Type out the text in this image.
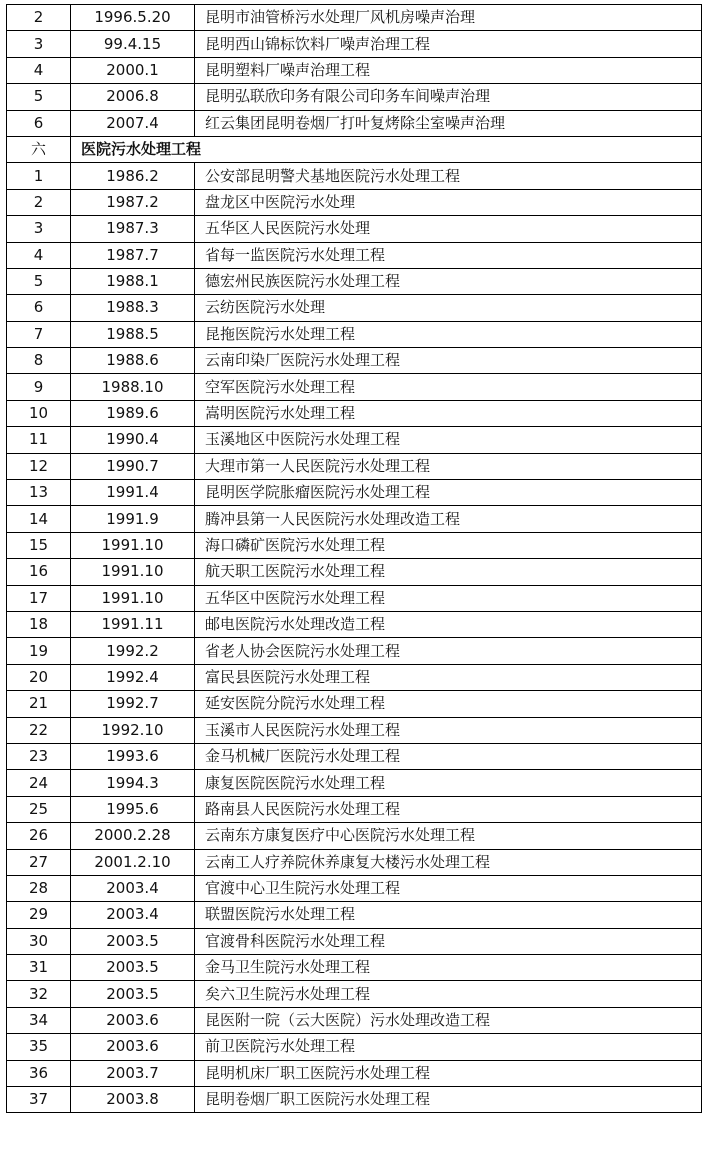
2	1996.5.20	昆明市油管桥污水处理厂风机房噪声治理
3	99.4.15	昆明西山锦标饮料厂噪声治理工程
4	2000.1	昆明塑料厂噪声治理工程
5	2006.8	昆明弘联欣印务有限公司印务车间噪声治理
6	2007.4	红云集团昆明卷烟厂打叶复烤除尘室噪声治理
六	医院污水处理工程	
1	1986.2	公安部昆明警犬基地医院污水处理工程
2	1987.2	盘龙区中医院污水处理
3	1987.3	五华区人民医院污水处理
4	1987.7	省每一监医院污水处理工程
5	1988.1	德宏州民族医院污水处理工程
6	1988.3	云纺医院污水处理
7	1988.5	昆拖医院污水处理工程
8	1988.6	云南印染厂医院污水处理工程
9	1988.10	空军医院污水处理工程
10	1989.6	嵩明医院污水处理工程
11	1990.4	玉溪地区中医院污水处理工程
12	1990.7	大理市第一人民医院污水处理工程
13	1991.4	昆明医学院胀瘤医院污水处理工程
14	1991.9	腾冲县第一人民医院污水处理改造工程
15	1991.10	海口磷矿医院污水处理工程
16	1991.10	航天职工医院污水处理工程
17	1991.10	五华区中医院污水处理工程
18	1991.11	邮电医院污水处理改造工程
19	1992.2	省老人协会医院污水处理工程
20	1992.4	富民县医院污水处理工程
21	1992.7	延安医院分院污水处理工程
22	1992.10	玉溪市人民医院污水处理工程
23	1993.6	金马机械厂医院污水处理工程
24	1994.3	康复医院医院污水处理工程
25	1995.6	路南县人民医院污水处理工程
26	2000.2.28	云南东方康复医疗中心医院污水处理工程
27	2001.2.10	云南工人疗养院休养康复大楼污水处理工程
28	2003.4	官渡中心卫生院污水处理工程
29	2003.4	联盟医院污水处理工程
30	2003.5	官渡骨科医院污水处理工程
31	2003.5	金马卫生院污水处理工程
32	2003.5	矣六卫生院污水处理工程
34	2003.6	昆医附一院（云大医院）污水处理改造工程
35	2003.6	前卫医院污水处理工程
36	2003.7	昆明机床厂职工医院污水处理工程
37	2003.8	昆明卷烟厂职工医院污水处理工程
